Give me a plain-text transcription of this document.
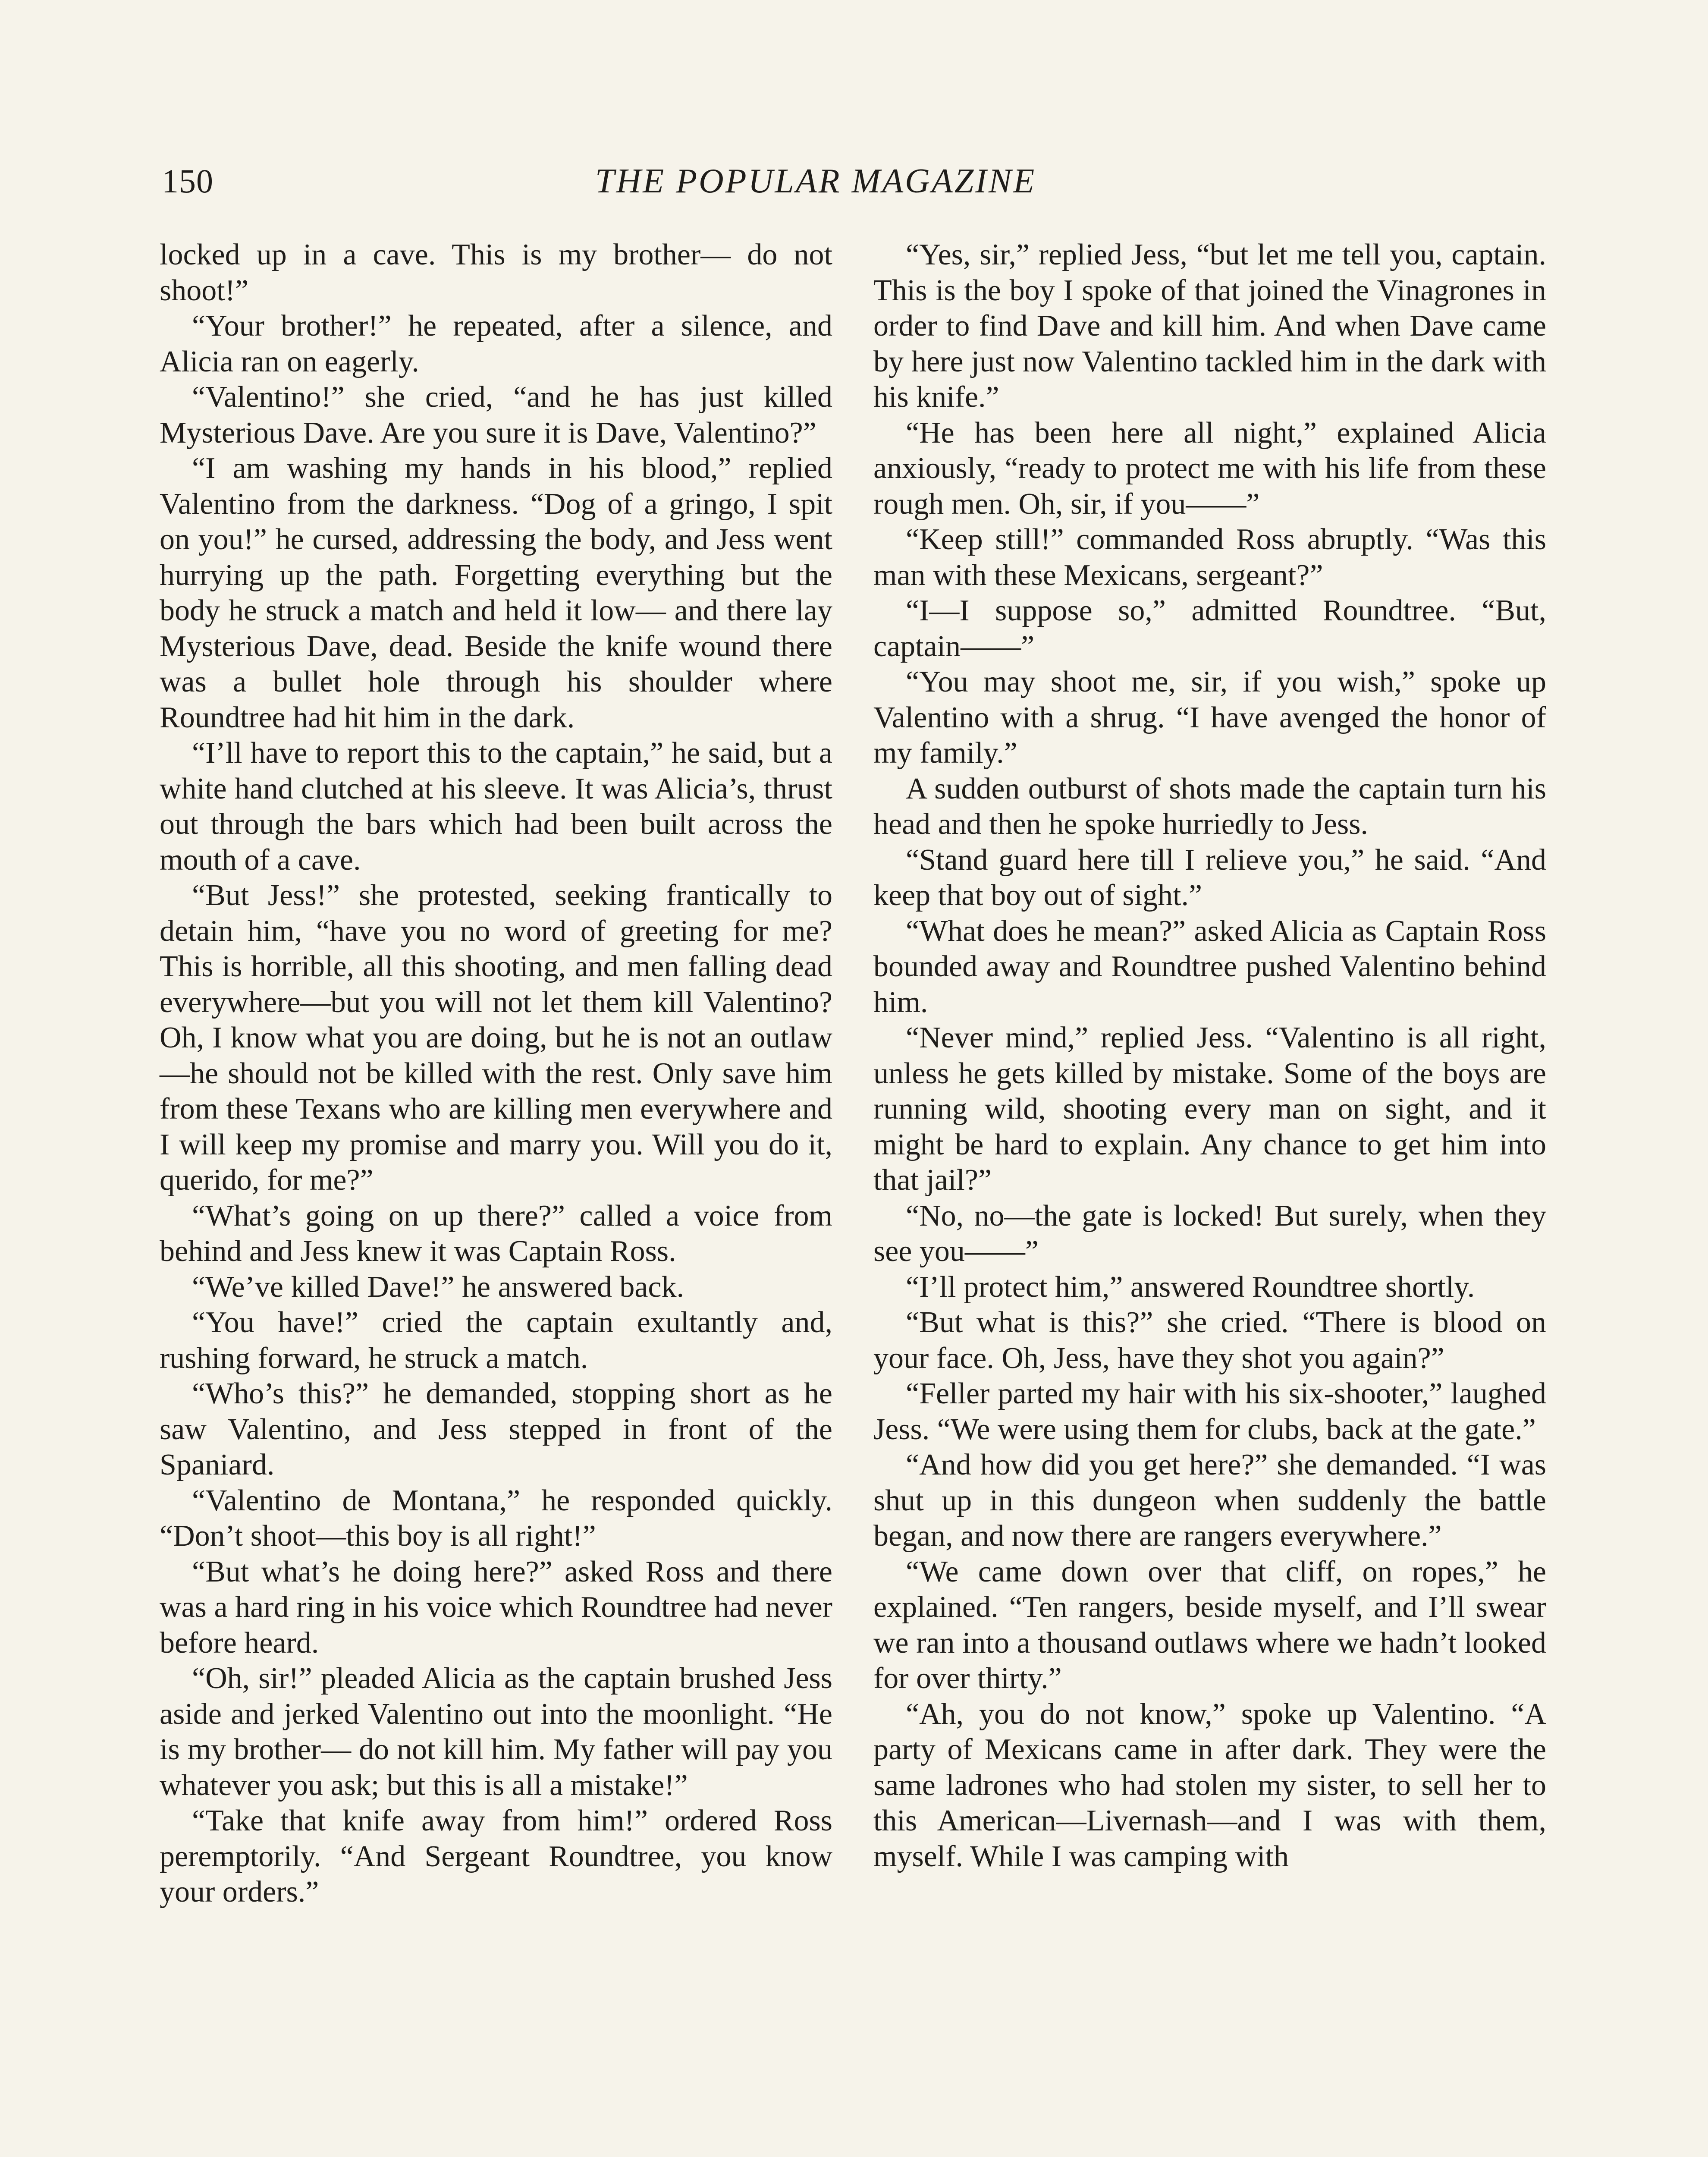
150	THE POPULAR MAGAZINE

locked up in a cave. This is my brother— do not shoot!”

“Your brother!” he repeated, after a silence, and Alicia ran on eagerly.

“Valentino!” she cried, “and he has just killed Mysterious Dave. Are you sure it is Dave, Valentino?”

“I am washing my hands in his blood,” replied Valentino from the darkness. “Dog of a gringo, I spit on you!” he cursed, addressing the body, and Jess went hurrying up the path. Forgetting everything but the body he struck a match and held it low— and there lay Mysterious Dave, dead. Beside the knife wound there was a bullet hole through his shoulder where Roundtree had hit him in the dark.

“I’ll have to report this to the captain,” he said, but a white hand clutched at his sleeve. It was Alicia’s, thrust out through the bars which had been built across the mouth of a cave.

“But Jess!” she protested, seeking frantically to detain him, “have you no word of greeting for me? This is horrible, all this shooting, and men falling dead everywhere—but you will not let them kill Valentino? Oh, I know what you are doing, but he is not an outlaw—he should not be killed with the rest. Only save him from these Texans who are killing men everywhere and I will keep my promise and marry you. Will you do it, querido, for me?”

“What’s going on up there?” called a voice from behind and Jess knew it was Captain Ross.

“We’ve killed Dave!” he answered back.

“You have!” cried the captain exultantly and, rushing forward, he struck a match.

“Who’s this?” he demanded, stopping short as he saw Valentino, and Jess stepped in front of the Spaniard.

“Valentino de Montana,” he responded quickly. “Don’t shoot—this boy is all right!”

“But what’s he doing here?” asked Ross and there was a hard ring in his voice which Roundtree had never before heard.

“Oh, sir!” pleaded Alicia as the captain brushed Jess aside and jerked Valentino out into the moonlight. “He is my brother— do not kill him. My father will pay you whatever you ask; but this is all a mistake!”

“Take that knife away from him!” ordered Ross peremptorily. “And Sergeant Roundtree, you know your orders.”

“Yes, sir,” replied Jess, “but let me tell you, captain. This is the boy I spoke of that joined the Vinagrones in order to find Dave and kill him. And when Dave came by here just now Valentino tackled him in the dark with his knife.”

“He has been here all night,” explained Alicia anxiously, “ready to protect me with his life from these rough men. Oh, sir, if you——”

“Keep still!” commanded Ross abruptly. “Was this man with these Mexicans, sergeant?”

“I—I suppose so,” admitted Roundtree. “But, captain——”

“You may shoot me, sir, if you wish,” spoke up Valentino with a shrug. “I have avenged the honor of my family.”

A sudden outburst of shots made the captain turn his head and then he spoke hurriedly to Jess.

“Stand guard here till I relieve you,” he said. “And keep that boy out of sight.”

“What does he mean?” asked Alicia as Captain Ross bounded away and Roundtree pushed Valentino behind him.

“Never mind,” replied Jess. “Valentino is all right, unless he gets killed by mistake. Some of the boys are running wild, shooting every man on sight, and it might be hard to explain. Any chance to get him into that jail?”

“No, no—the gate is locked! But surely, when they see you——”

“I’ll protect him,” answered Roundtree shortly.

“But what is this?” she cried. “There is blood on your face. Oh, Jess, have they shot you again?”

“Feller parted my hair with his six-shooter,” laughed Jess. “We were using them for clubs, back at the gate.”

“And how did you get here?” she demanded. “I was shut up in this dungeon when suddenly the battle began, and now there are rangers everywhere.”

“We came down over that cliff, on ropes,” he explained. “Ten rangers, beside myself, and I’ll swear we ran into a thousand outlaws where we hadn’t looked for over thirty.”

“Ah, you do not know,” spoke up Valentino. “A party of Mexicans came in after dark. They were the same ladrones who had stolen my sister, to sell her to this American—Livernash—and I was with them, myself. While I was camping with
